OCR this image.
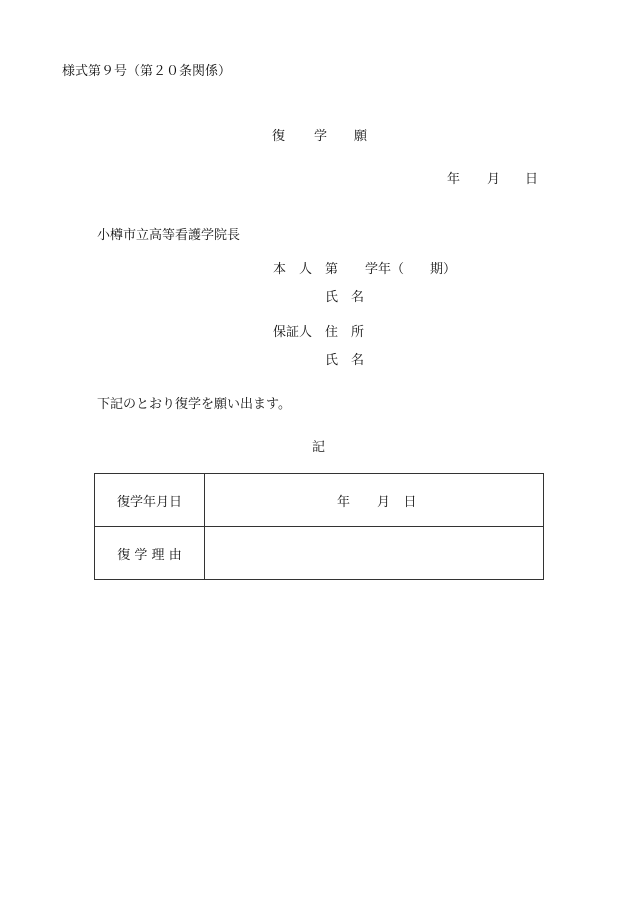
様式第９号（第２０条関係）
復 学 願
年 月 日
小樽市立高等看護学院長
本　人 第 学年（ 期）
氏　名
保証人 住　所
氏　名
下記のとおり復学を願い出ます。
記
復学年月日	年 月 日
復 学 理 由	
